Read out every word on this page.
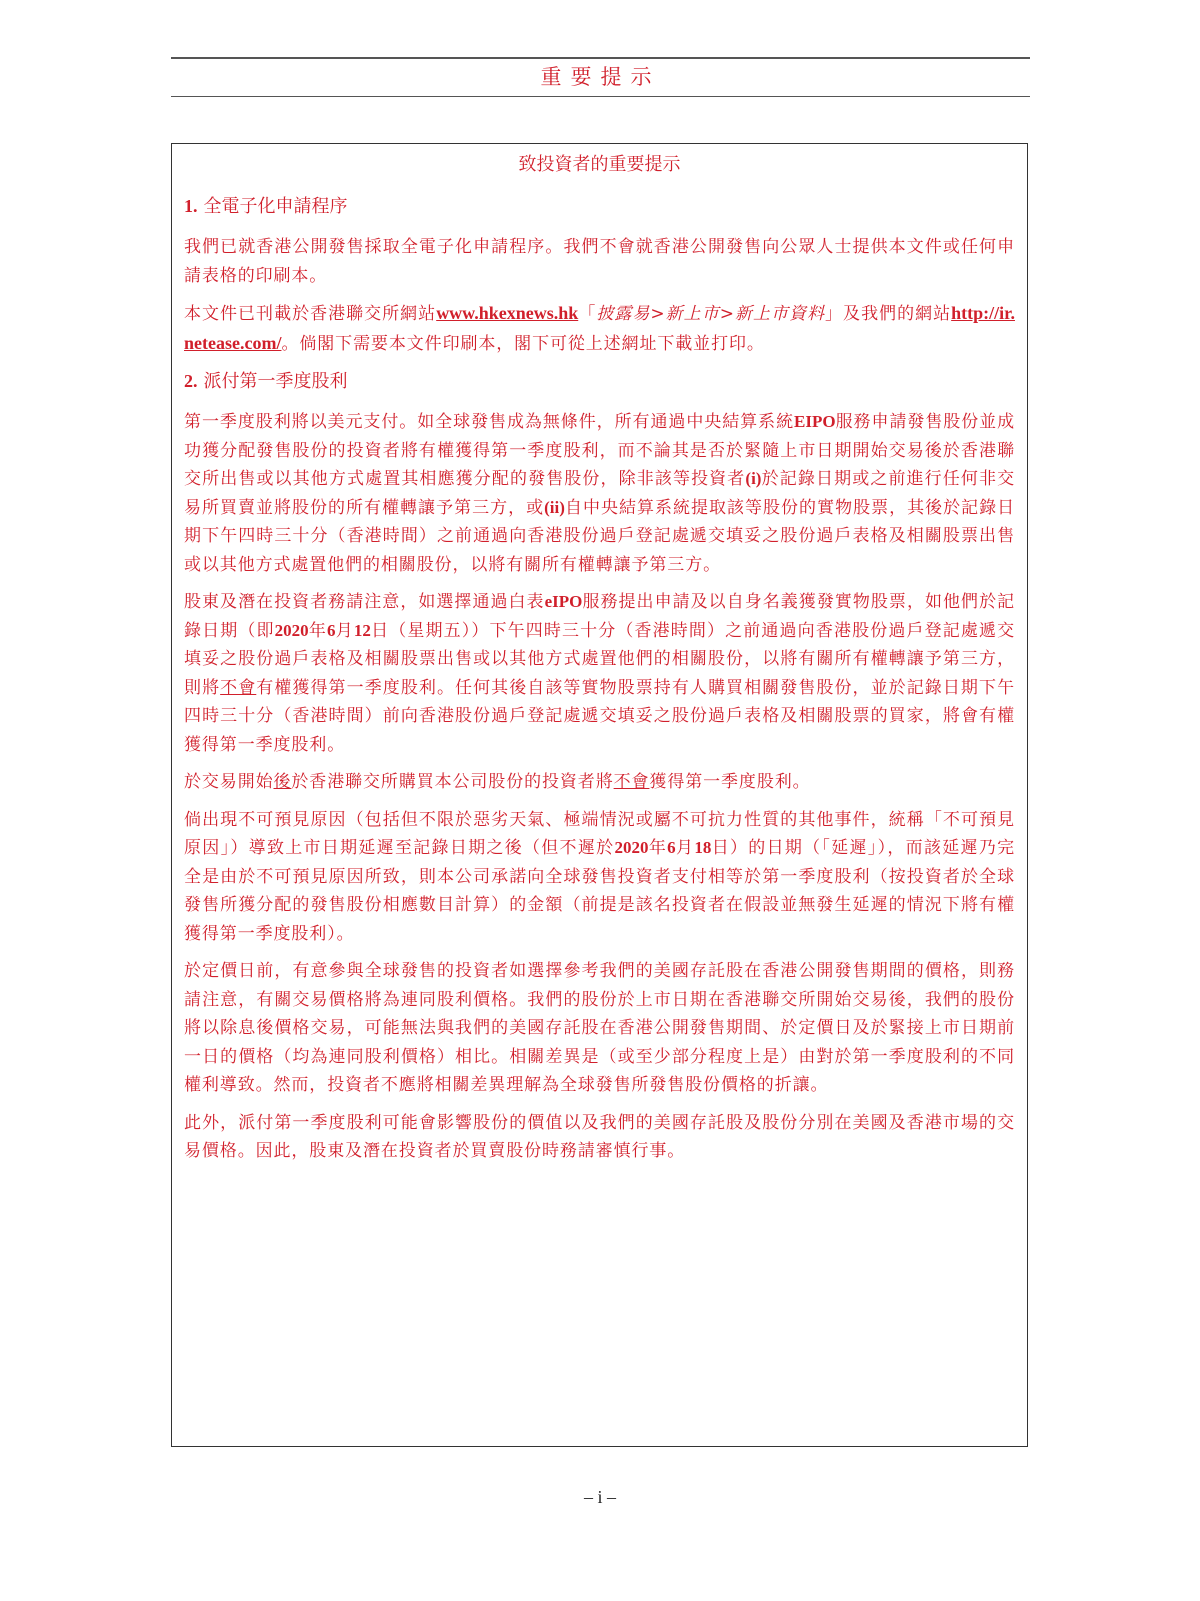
重要提示
致投資者的重要提示
1. 全電子化申請程序

我們已就香港公開發售採取全電子化申請程序。我們不會就香港公開發售向公眾人士提供本文件或任何申請表格的印刷本。

本文件已刊載於香港聯交所網站www.hkexnews.hk「披露易>新上市>新上市資料」及我們的網站http://ir.netease.com/。倘閣下需要本文件印刷本，閣下可從上述網址下載並打印。

2. 派付第一季度股利

第一季度股利將以美元支付。如全球發售成為無條件，所有通過中央結算系統EIPO服務申請發售股份並成功獲分配發售股份的投資者將有權獲得第一季度股利，而不論其是否於緊隨上市日期開始交易後於香港聯交所出售或以其他方式處置其相應獲分配的發售股份，除非該等投資者(i)於記錄日期或之前進行任何非交易所買賣並將股份的所有權轉讓予第三方，或(ii)自中央結算系統提取該等股份的實物股票，其後於記錄日期下午四時三十分（香港時間）之前通過向香港股份過戶登記處遞交填妥之股份過戶表格及相關股票出售或以其他方式處置他們的相關股份，以將有關所有權轉讓予第三方。

股東及潛在投資者務請注意，如選擇通過白表eIPO服務提出申請及以自身名義獲發實物股票，如他們於記錄日期（即2020年6月12日（星期五））下午四時三十分（香港時間）之前通過向香港股份過戶登記處遞交填妥之股份過戶表格及相關股票出售或以其他方式處置他們的相關股份，以將有關所有權轉讓予第三方，則將不會有權獲得第一季度股利。任何其後自該等實物股票持有人購買相關發售股份，並於記錄日期下午四時三十分（香港時間）前向香港股份過戶登記處遞交填妥之股份過戶表格及相關股票的買家，將會有權獲得第一季度股利。

於交易開始後於香港聯交所購買本公司股份的投資者將不會獲得第一季度股利。

倘出現不可預見原因（包括但不限於惡劣天氣、極端情況或屬不可抗力性質的其他事件，統稱「不可預見原因」）導致上市日期延遲至記錄日期之後（但不遲於2020年6月18日）的日期（「延遲」），而該延遲乃完全是由於不可預見原因所致，則本公司承諾向全球發售投資者支付相等於第一季度股利（按投資者於全球發售所獲分配的發售股份相應數目計算）的金額（前提是該名投資者在假設並無發生延遲的情況下將有權獲得第一季度股利）。

於定價日前，有意參與全球發售的投資者如選擇參考我們的美國存託股在香港公開發售期間的價格，則務請注意，有關交易價格將為連同股利價格。我們的股份於上市日期在香港聯交所開始交易後，我們的股份將以除息後價格交易，可能無法與我們的美國存託股在香港公開發售期間、於定價日及於緊接上市日期前一日的價格（均為連同股利價格）相比。相關差異是（或至少部分程度上是）由對於第一季度股利的不同權利導致。然而，投資者不應將相關差異理解為全球發售所發售股份價格的折讓。

此外，派付第一季度股利可能會影響股份的價值以及我們的美國存託股及股份分別在美國及香港市場的交易價格。因此，股東及潛在投資者於買賣股份時務請審慎行事。

– i –
